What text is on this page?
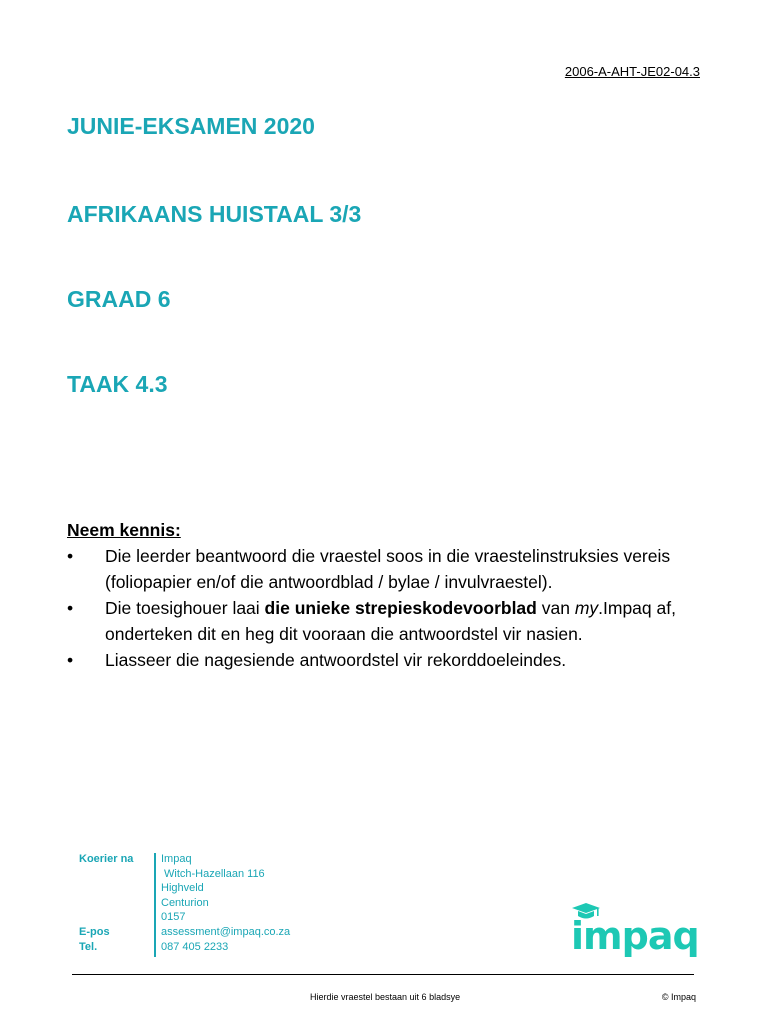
2006-A-AHT-JE02-04.3
JUNIE-EKSAMEN 2020
AFRIKAANS HUISTAAL 3/3
GRAAD 6
TAAK 4.3
Neem kennis:
• Die leerder beantwoord die vraestel soos in die vraestelinstruksies vereis (foliopapier en/of die antwoordblad / bylae / invulvraestel).
• Die toesighouer laai die unieke strepieskodevoorblad van my.Impaq af, onderteken dit en heg dit vooraan die antwoordstel vir nasien.
• Liasseer die nagesiende antwoordstel vir rekorddoeleindes.
Koerier na
E-pos
Tel.
Impaq
Witch-Hazellaan 116
Highveld
Centurion
0157
assessment@impaq.co.za
087 405 2233	impaq
Hierdie vraestel bestaan uit 6 bladsye	© Impaq
